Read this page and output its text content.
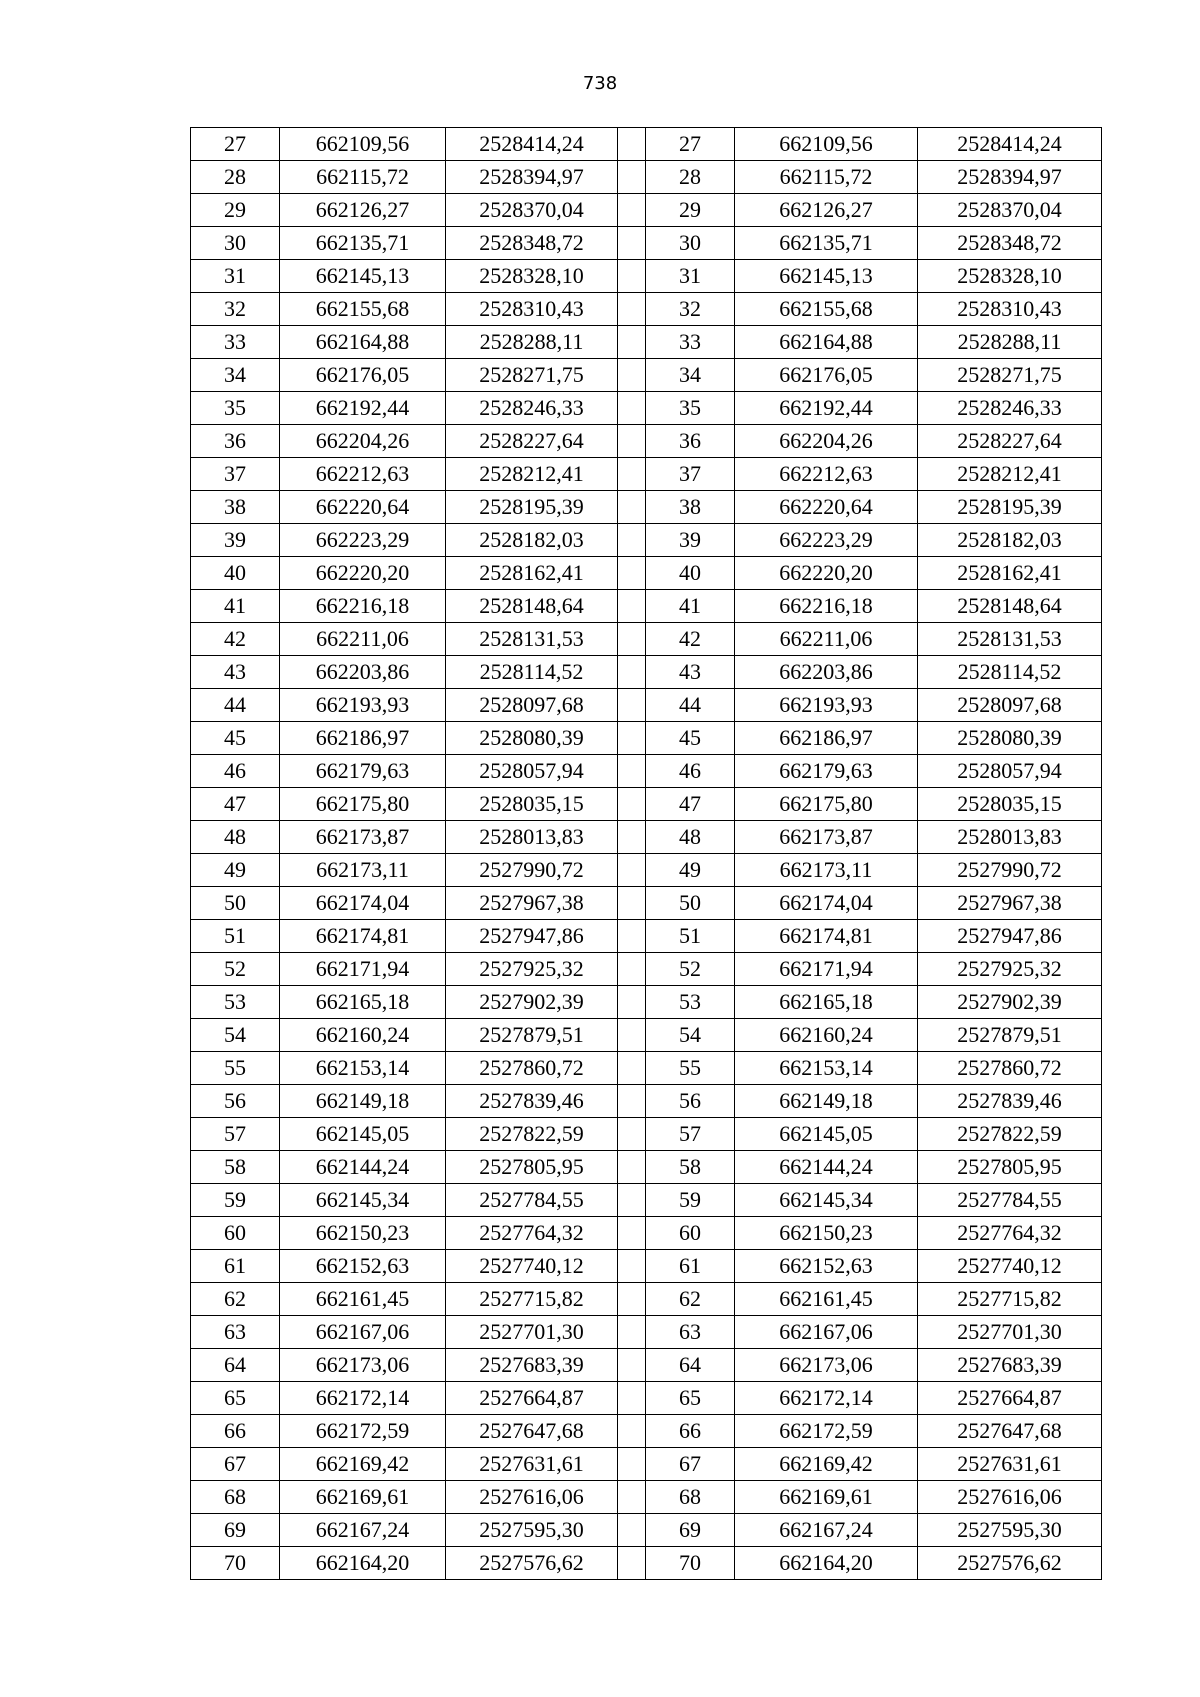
738
27	662109,56	2528414,24		27	662109,56	2528414,24
28	662115,72	2528394,97		28	662115,72	2528394,97
29	662126,27	2528370,04		29	662126,27	2528370,04
30	662135,71	2528348,72		30	662135,71	2528348,72
31	662145,13	2528328,10		31	662145,13	2528328,10
32	662155,68	2528310,43		32	662155,68	2528310,43
33	662164,88	2528288,11		33	662164,88	2528288,11
34	662176,05	2528271,75		34	662176,05	2528271,75
35	662192,44	2528246,33		35	662192,44	2528246,33
36	662204,26	2528227,64		36	662204,26	2528227,64
37	662212,63	2528212,41		37	662212,63	2528212,41
38	662220,64	2528195,39		38	662220,64	2528195,39
39	662223,29	2528182,03		39	662223,29	2528182,03
40	662220,20	2528162,41		40	662220,20	2528162,41
41	662216,18	2528148,64		41	662216,18	2528148,64
42	662211,06	2528131,53		42	662211,06	2528131,53
43	662203,86	2528114,52		43	662203,86	2528114,52
44	662193,93	2528097,68		44	662193,93	2528097,68
45	662186,97	2528080,39		45	662186,97	2528080,39
46	662179,63	2528057,94		46	662179,63	2528057,94
47	662175,80	2528035,15		47	662175,80	2528035,15
48	662173,87	2528013,83		48	662173,87	2528013,83
49	662173,11	2527990,72		49	662173,11	2527990,72
50	662174,04	2527967,38		50	662174,04	2527967,38
51	662174,81	2527947,86		51	662174,81	2527947,86
52	662171,94	2527925,32		52	662171,94	2527925,32
53	662165,18	2527902,39		53	662165,18	2527902,39
54	662160,24	2527879,51		54	662160,24	2527879,51
55	662153,14	2527860,72		55	662153,14	2527860,72
56	662149,18	2527839,46		56	662149,18	2527839,46
57	662145,05	2527822,59		57	662145,05	2527822,59
58	662144,24	2527805,95		58	662144,24	2527805,95
59	662145,34	2527784,55		59	662145,34	2527784,55
60	662150,23	2527764,32		60	662150,23	2527764,32
61	662152,63	2527740,12		61	662152,63	2527740,12
62	662161,45	2527715,82		62	662161,45	2527715,82
63	662167,06	2527701,30		63	662167,06	2527701,30
64	662173,06	2527683,39		64	662173,06	2527683,39
65	662172,14	2527664,87		65	662172,14	2527664,87
66	662172,59	2527647,68		66	662172,59	2527647,68
67	662169,42	2527631,61		67	662169,42	2527631,61
68	662169,61	2527616,06		68	662169,61	2527616,06
69	662167,24	2527595,30		69	662167,24	2527595,30
70	662164,20	2527576,62		70	662164,20	2527576,62
